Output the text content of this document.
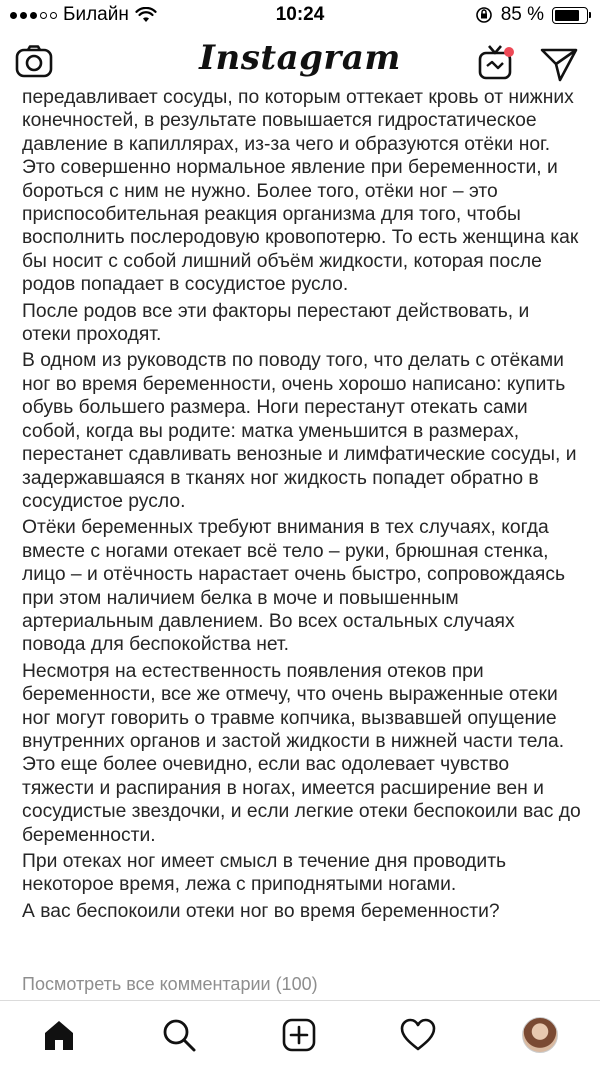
Билайн	10:24	85 %
Instagram

передавливает сосуды, по которым оттекает кровь от нижних конечностей, в результате повышается гидростатическое давление в капиллярах, из-за чего и образуются отёки ног. Это совершенно нормальное явление при беременности, и бороться с ним не нужно. Более того, отёки ног – это приспособительная реакция организма для того, чтобы восполнить послеродовую кровопотерю. То есть женщина как бы носит с собой лишний объём жидкости, которая после родов попадает в сосудистое русло.

После родов все эти факторы перестают действовать, и отеки проходят.

В одном из руководств по поводу того, что делать с отёками ног во время беременности, очень хорошо написано: купить обувь большего размера. Ноги перестанут отекать сами собой, когда вы родите: матка уменьшится в размерах, перестанет сдавливать венозные и лимфатические сосуды, и задержавшаяся в тканях ног жидкость попадет обратно в сосудистое русло.

Отёки беременных требуют внимания в тех случаях, когда вместе с ногами отекает всё тело – руки, брюшная стенка, лицо – и отёчность нарастает очень быстро, сопровождаясь при этом наличием белка в моче и повышенным артериальным давлением. Во всех остальных случаях повода для беспокойства нет.

Несмотря на естественность появления отеков при беременности, все же отмечу, что очень выраженные отеки ног могут говорить о травме копчика, вызвавшей опущение внутренних органов и застой жидкости в нижней части тела. Это еще более очевидно, если вас одолевает чувство тяжести и распирания в ногах, имеется расширение вен и сосудистые звездочки, и если легкие отеки беспокоили вас до беременности.

При отеках ног имеет смысл в течение дня проводить некоторое время, лежа с приподнятыми ногами.

А вас беспокоили отеки ног во время беременности?

Посмотреть все комментарии (100)
